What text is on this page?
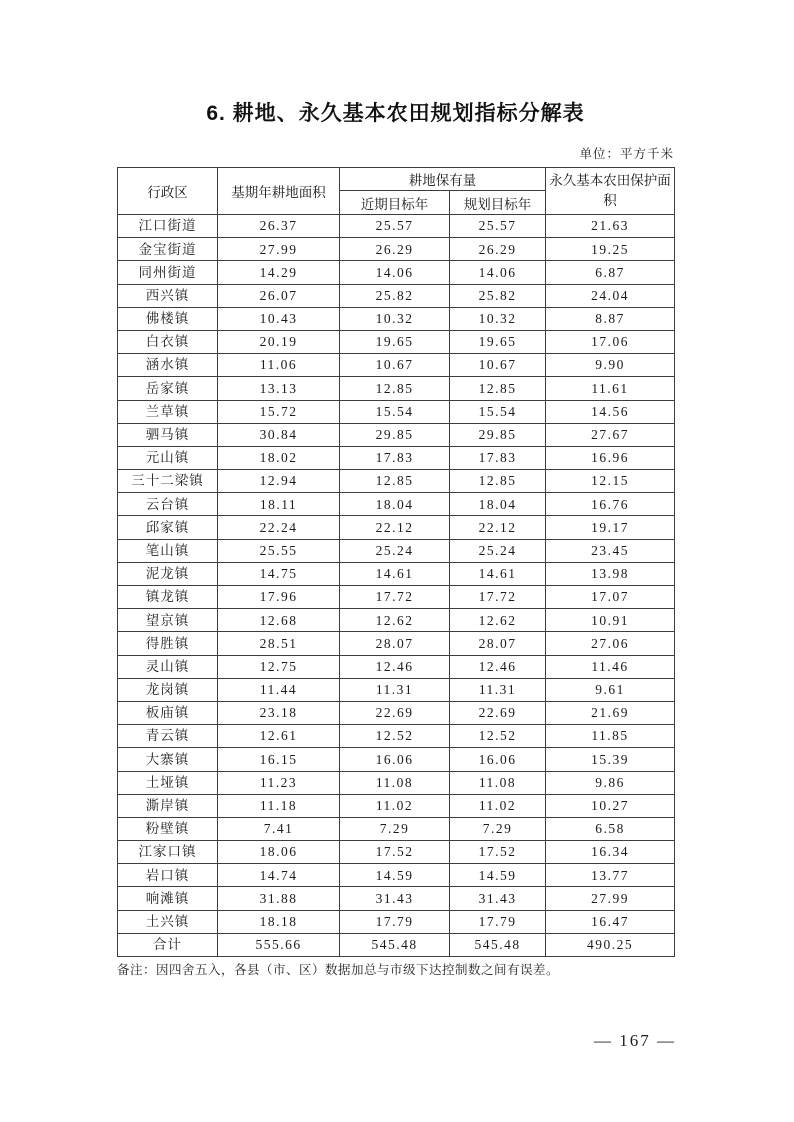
6. 耕地、永久基本农田规划指标分解表
单位：平方千米
行政区	基期年耕地面积	耕地保有量		永久基本农田保护面积
		近期目标年	规划目标年	
江口街道	26.37	25.57	25.57	21.63
金宝街道	27.99	26.29	26.29	19.25
同州街道	14.29	14.06	14.06	6.87
西兴镇	26.07	25.82	25.82	24.04
佛楼镇	10.43	10.32	10.32	8.87
白衣镇	20.19	19.65	19.65	17.06
涵水镇	11.06	10.67	10.67	9.90
岳家镇	13.13	12.85	12.85	11.61
兰草镇	15.72	15.54	15.54	14.56
驷马镇	30.84	29.85	29.85	27.67
元山镇	18.02	17.83	17.83	16.96
三十二梁镇	12.94	12.85	12.85	12.15
云台镇	18.11	18.04	18.04	16.76
邱家镇	22.24	22.12	22.12	19.17
笔山镇	25.55	25.24	25.24	23.45
泥龙镇	14.75	14.61	14.61	13.98
镇龙镇	17.96	17.72	17.72	17.07
望京镇	12.68	12.62	12.62	10.91
得胜镇	28.51	28.07	28.07	27.06
灵山镇	12.75	12.46	12.46	11.46
龙岗镇	11.44	11.31	11.31	9.61
板庙镇	23.18	22.69	22.69	21.69
青云镇	12.61	12.52	12.52	11.85
大寨镇	16.15	16.06	16.06	15.39
土垭镇	11.23	11.08	11.08	9.86
澌岸镇	11.18	11.02	11.02	10.27
粉壁镇	7.41	7.29	7.29	6.58
江家口镇	18.06	17.52	17.52	16.34
岩口镇	14.74	14.59	14.59	13.77
响滩镇	31.88	31.43	31.43	27.99
土兴镇	18.18	17.79	17.79	16.47
合计	555.66	545.48	545.48	490.25
备注：因四舍五入，各县（市、区）数据加总与市级下达控制数之间有误差。
— 167 —
